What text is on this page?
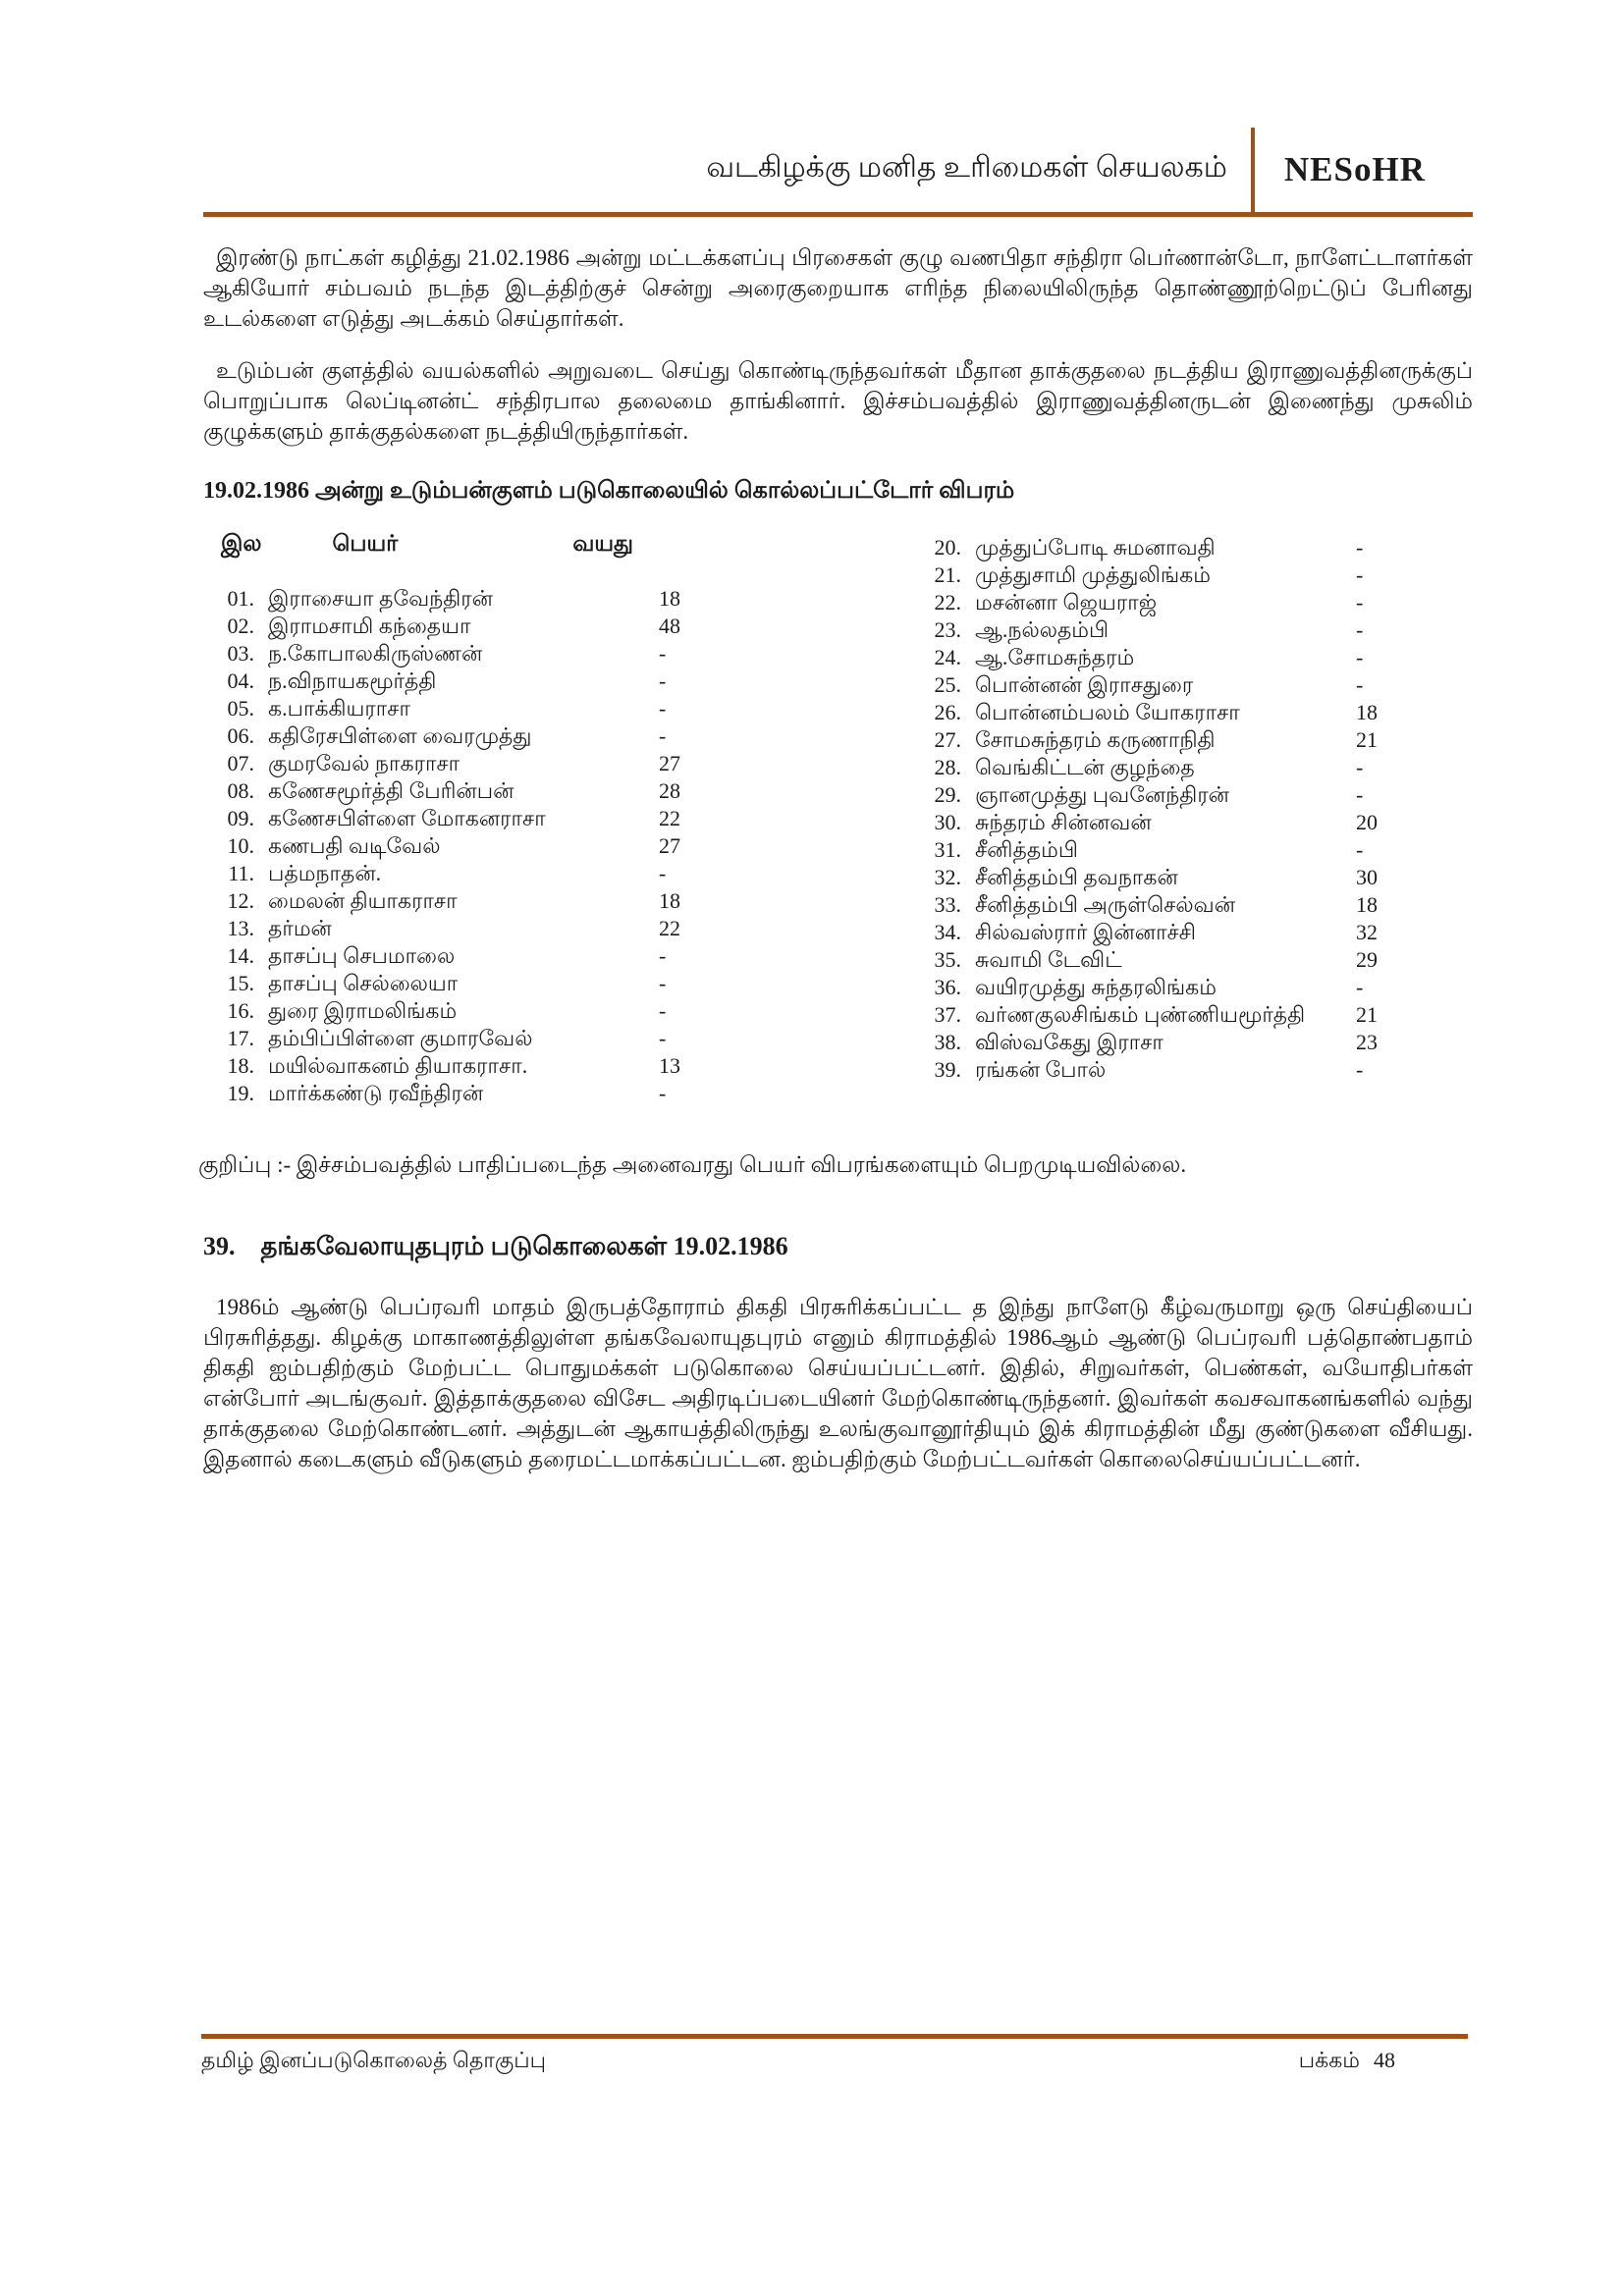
வடகிழக்கு மனித உரிமைகள் செயலகம் NESoHR

இரண்டு நாட்கள் கழித்து 21.02.1986 அன்று மட்டக்களப்பு பிரசைகள் குழு வணபிதா சந்திரா பெர்ணான்டோ, நாளேட்டாளர்கள் ஆகியோர் சம்பவம் நடந்த இடத்திற்குச் சென்று அரைகுறையாக எரிந்த நிலையிலிருந்த தொண்ணூற்றெட்டுப் பேரினது உடல்களை எடுத்து அடக்கம் செய்தார்கள்.

உடும்பன் குளத்தில் வயல்களில் அறுவடை செய்து கொண்டிருந்தவர்கள் மீதான தாக்குதலை நடத்திய இராணுவத்தினருக்குப் பொறுப்பாக லெப்டினன்ட் சந்திரபால தலைமை தாங்கினார். இச்சம்பவத்தில் இராணுவத்தினருடன் இணைந்து முசுலிம் குழுக்களும் தாக்குதல்களை நடத்தியிருந்தார்கள்.

19.02.1986 அன்று உடும்பன்குளம் படுகொலையில் கொல்லப்பட்டோர் விபரம்
இல	பெயர்	வயது
01. இராசையா தவேந்திரன்	18
02. இராமசாமி கந்தையா	48
03. ந.கோபாலகிருஸ்ணன்	-
04. ந.விநாயகமூர்த்தி	-
05. க.பாக்கியராசா	-
06. கதிரேசபிள்ளை வைரமுத்து	-
07. குமரவேல் நாகராசா	27
08. கணேசமூர்த்தி பேரின்பன்	28
09. கணேசபிள்ளை மோகனராசா	22
10. கணபதி வடிவேல்	27
11. பத்மநாதன்.	-
12. மைலன் தியாகராசா	18
13. தர்மன்	22
14. தாசப்பு செபமாலை	-
15. தாசப்பு செல்லையா	-
16. துரை இராமலிங்கம்	-
17. தம்பிப்பிள்ளை குமாரவேல்	-
18. மயில்வாகனம் தியாகராசா.	13
19. மார்க்கண்டு ரவீந்திரன்	-
20. முத்துப்போடி சுமனாவதி	-
21. முத்துசாமி முத்துலிங்கம்	-
22. மசன்னா ஜெயராஜ்	-
23. ஆ.நல்லதம்பி	-
24. ஆ.சோமசுந்தரம்	-
25. பொன்னன் இராசதுரை	-
26. பொன்னம்பலம் யோகராசா	18
27. சோமசுந்தரம் கருணாநிதி	21
28. வெங்கிட்டன் குழந்தை	-
29. ஞானமுத்து புவனேந்திரன்	-
30. சுந்தரம் சின்னவன்	20
31. சீனித்தம்பி	-
32. சீனித்தம்பி தவநாகன்	30
33. சீனித்தம்பி அருள்செல்வன்	18
34. சில்வஸ்ரார் இன்னாச்சி	32
35. சுவாமி டேவிட்	29
36. வயிரமுத்து சுந்தரலிங்கம்	-
37. வர்ணகுலசிங்கம் புண்ணியமூர்த்தி	21
38. விஸ்வகேது இராசா	23
39. ரங்கன் போல்	-

குறிப்பு :- இச்சம்பவத்தில் பாதிப்படைந்த அனைவரது பெயர் விபரங்களையும் பெறமுடியவில்லை.

39. தங்கவேலாயுதபுரம் படுகொலைகள் 19.02.1986

1986ம் ஆண்டு பெப்ரவரி மாதம் இருபத்தோராம் திகதி பிரசுரிக்கப்பட்ட த இந்து நாளேடு கீழ்வருமாறு ஒரு செய்தியைப் பிரசுரித்தது. கிழக்கு மாகாணத்திலுள்ள தங்கவேலாயுதபுரம் எனும் கிராமத்தில் 1986ஆம் ஆண்டு பெப்ரவரி பத்தொண்பதாம் திகதி ஐம்பதிற்கும் மேற்பட்ட பொதுமக்கள் படுகொலை செய்யப்பட்டனர். இதில், சிறுவர்கள், பெண்கள், வயோதிபர்கள் என்போர் அடங்குவர். இத்தாக்குதலை விசேட அதிரடிப்படையினர் மேற்கொண்டிருந்தனர். இவர்கள் கவசவாகனங்களில் வந்து தாக்குதலை மேற்கொண்டனர். அத்துடன் ஆகாயத்திலிருந்து உலங்குவானூர்தியும் இக் கிராமத்தின் மீது குண்டுகளை வீசியது. இதனால் கடைகளும் வீடுகளும் தரைமட்டமாக்கப்பட்டன. ஐம்பதிற்கும் மேற்பட்டவர்கள் கொலைசெய்யப்பட்டனர்.

தமிழ் இனப்படுகொலைத் தொகுப்பு	பக்கம் 48
